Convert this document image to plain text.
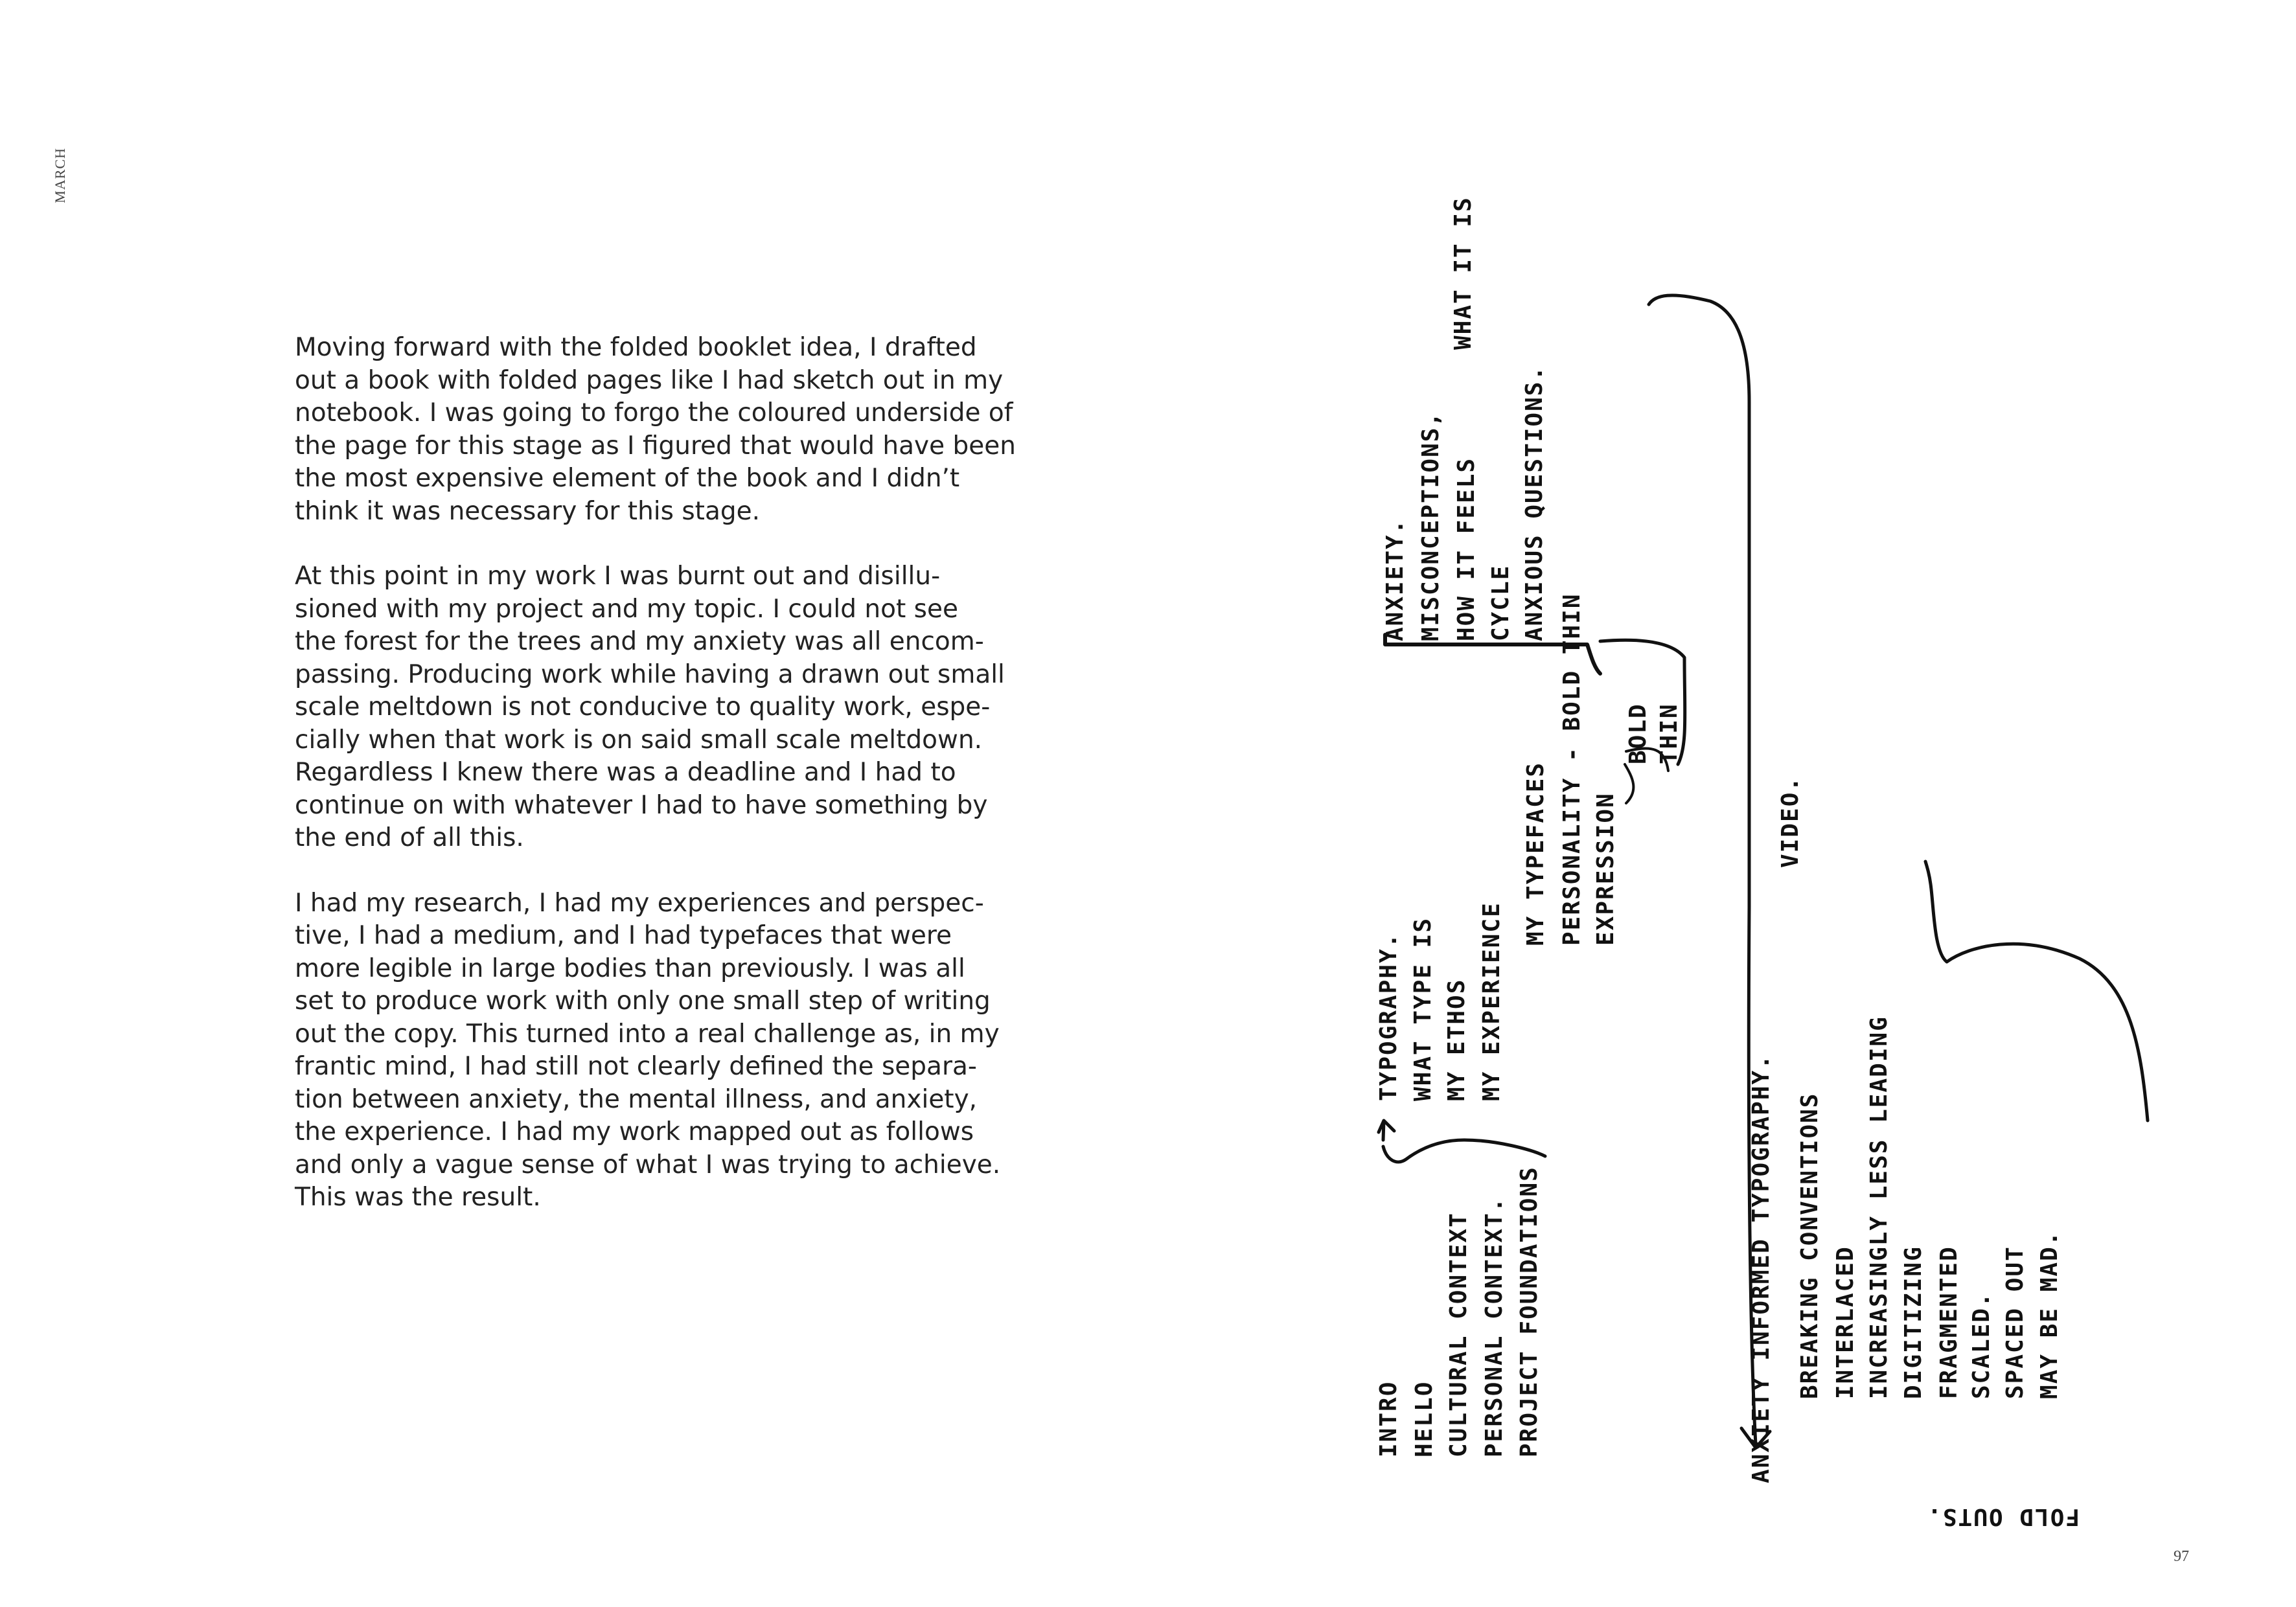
MARCH

Moving forward with the folded booklet idea, I drafted
out a book with folded pages like I had sketch out in my
notebook. I was going to forgo the coloured underside of
the page for this stage as I figured that would have been
the most expensive element of the book and I didn’t
think it was necessary for this stage.

At this point in my work I was burnt out and disillu-
sioned with my project and my topic. I could not see
the forest for the trees and my anxiety was all encom-
passing. Producing work while having a drawn out small
scale meltdown is not conducive to quality work, espe-
cially when that work is on said small scale meltdown.
Regardless I knew there was a deadline and I had to
continue on with whatever I had to have something by
the end of all this.

I had my research, I had my experiences and perspec-
tive, I had a medium, and I had typefaces that were
more legible in large bodies than previously. I was all
set to produce work with only one small step of writing
out the copy. This turned into a real challenge as, in my
frantic mind, I had still not clearly defined the separa-
tion between anxiety, the mental illness, and anxiety,
the experience. I had my work mapped out as follows
and only a vague sense of what I was trying to achieve.
This was the result.

INTRO HELLO CULTURAL CONTEXT PERSONAL CONTEXT. PROJECT FOUNDATIONS
TYPOGRAPHY. WHAT TYPE IS MY ETHOS MY EXPERIENCE
MY TYPEFACES PERSONALITY - BOLD THIN EXPRESSION
BOLD THIN
ANXIETY. MISCONCEPTIONS, HOW IT FEELS
WHAT IT IS
CYCLE ANXIOUS QUESTIONS.
ANXIETY INFORMED TYPOGRAPHY. BREAKING CONVENTIONS INTERLACED INCREASINGLY LESS LEADING DIGITIZING FRAGMENTED SCALED. SPACED OUT MAY BE MAD.
VIDEO.
FOLD OUTS.
97
